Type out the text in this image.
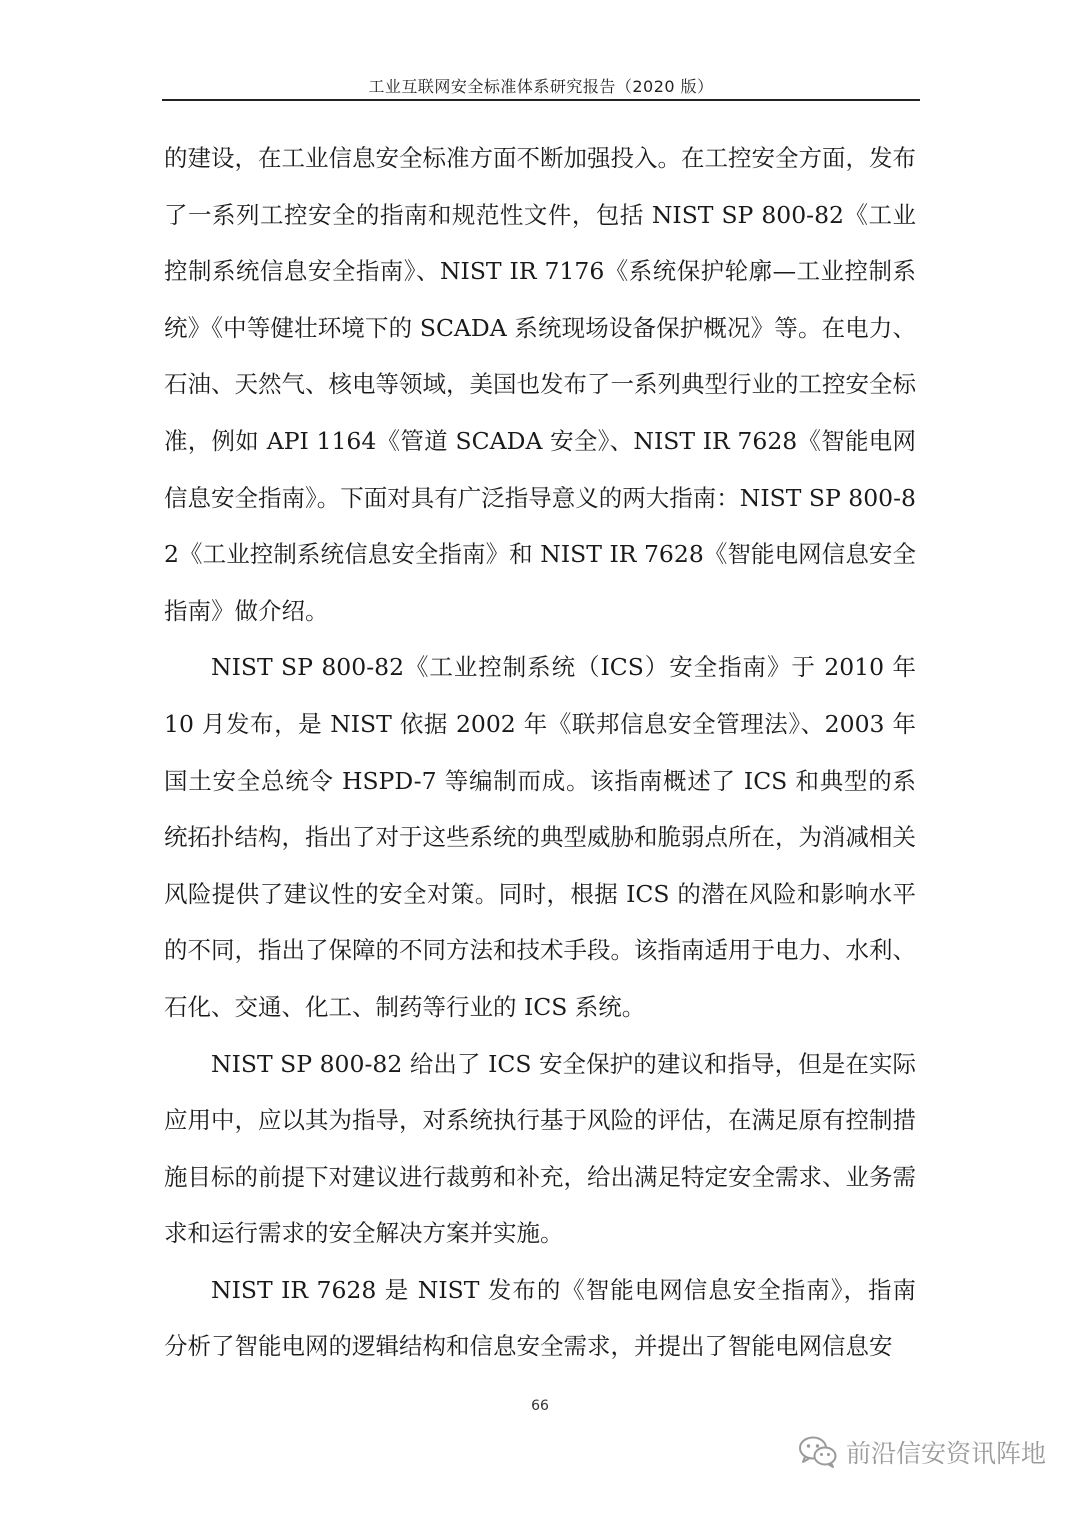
工业互联网安全标准体系研究报告（2020 版）

的建设，在工业信息安全标准方面不断加强投入。在工控安全方面，发布了一系列工控安全的指南和规范性文件，包括 NIST SP 800-82《工业控制系统信息安全指南》、NIST IR 7176《系统保护轮廓—工业控制系统》《中等健壮环境下的 SCADA 系统现场设备保护概况》等。在电力、石油、天然气、核电等领域，美国也发布了一系列典型行业的工控安全标准，例如 API 1164《管道 SCADA 安全》、NIST IR 7628《智能电网信息安全指南》。下面对具有广泛指导意义的两大指南：NIST SP 800-82《工业控制系统信息安全指南》和 NIST IR 7628《智能电网信息安全指南》做介绍。

NIST SP 800-82《工业控制系统（ICS）安全指南》于 2010 年 10 月发布，是 NIST 依据 2002 年《联邦信息安全管理法》、2003 年国土安全总统令 HSPD-7 等编制而成。该指南概述了 ICS 和典型的系统拓扑结构，指出了对于这些系统的典型威胁和脆弱点所在，为消减相关风险提供了建议性的安全对策。同时，根据 ICS 的潜在风险和影响水平的不同，指出了保障的不同方法和技术手段。该指南适用于电力、水利、石化、交通、化工、制药等行业的 ICS 系统。

NIST SP 800-82 给出了 ICS 安全保护的建议和指导，但是在实际应用中，应以其为指导，对系统执行基于风险的评估，在满足原有控制措施目标的前提下对建议进行裁剪和补充，给出满足特定安全需求、业务需求和运行需求的安全解决方案并实施。

NIST IR 7628 是 NIST 发布的《智能电网信息安全指南》，指南分析了智能电网的逻辑结构和信息安全需求，并提出了智能电网信息安

66
前沿信安资讯阵地
